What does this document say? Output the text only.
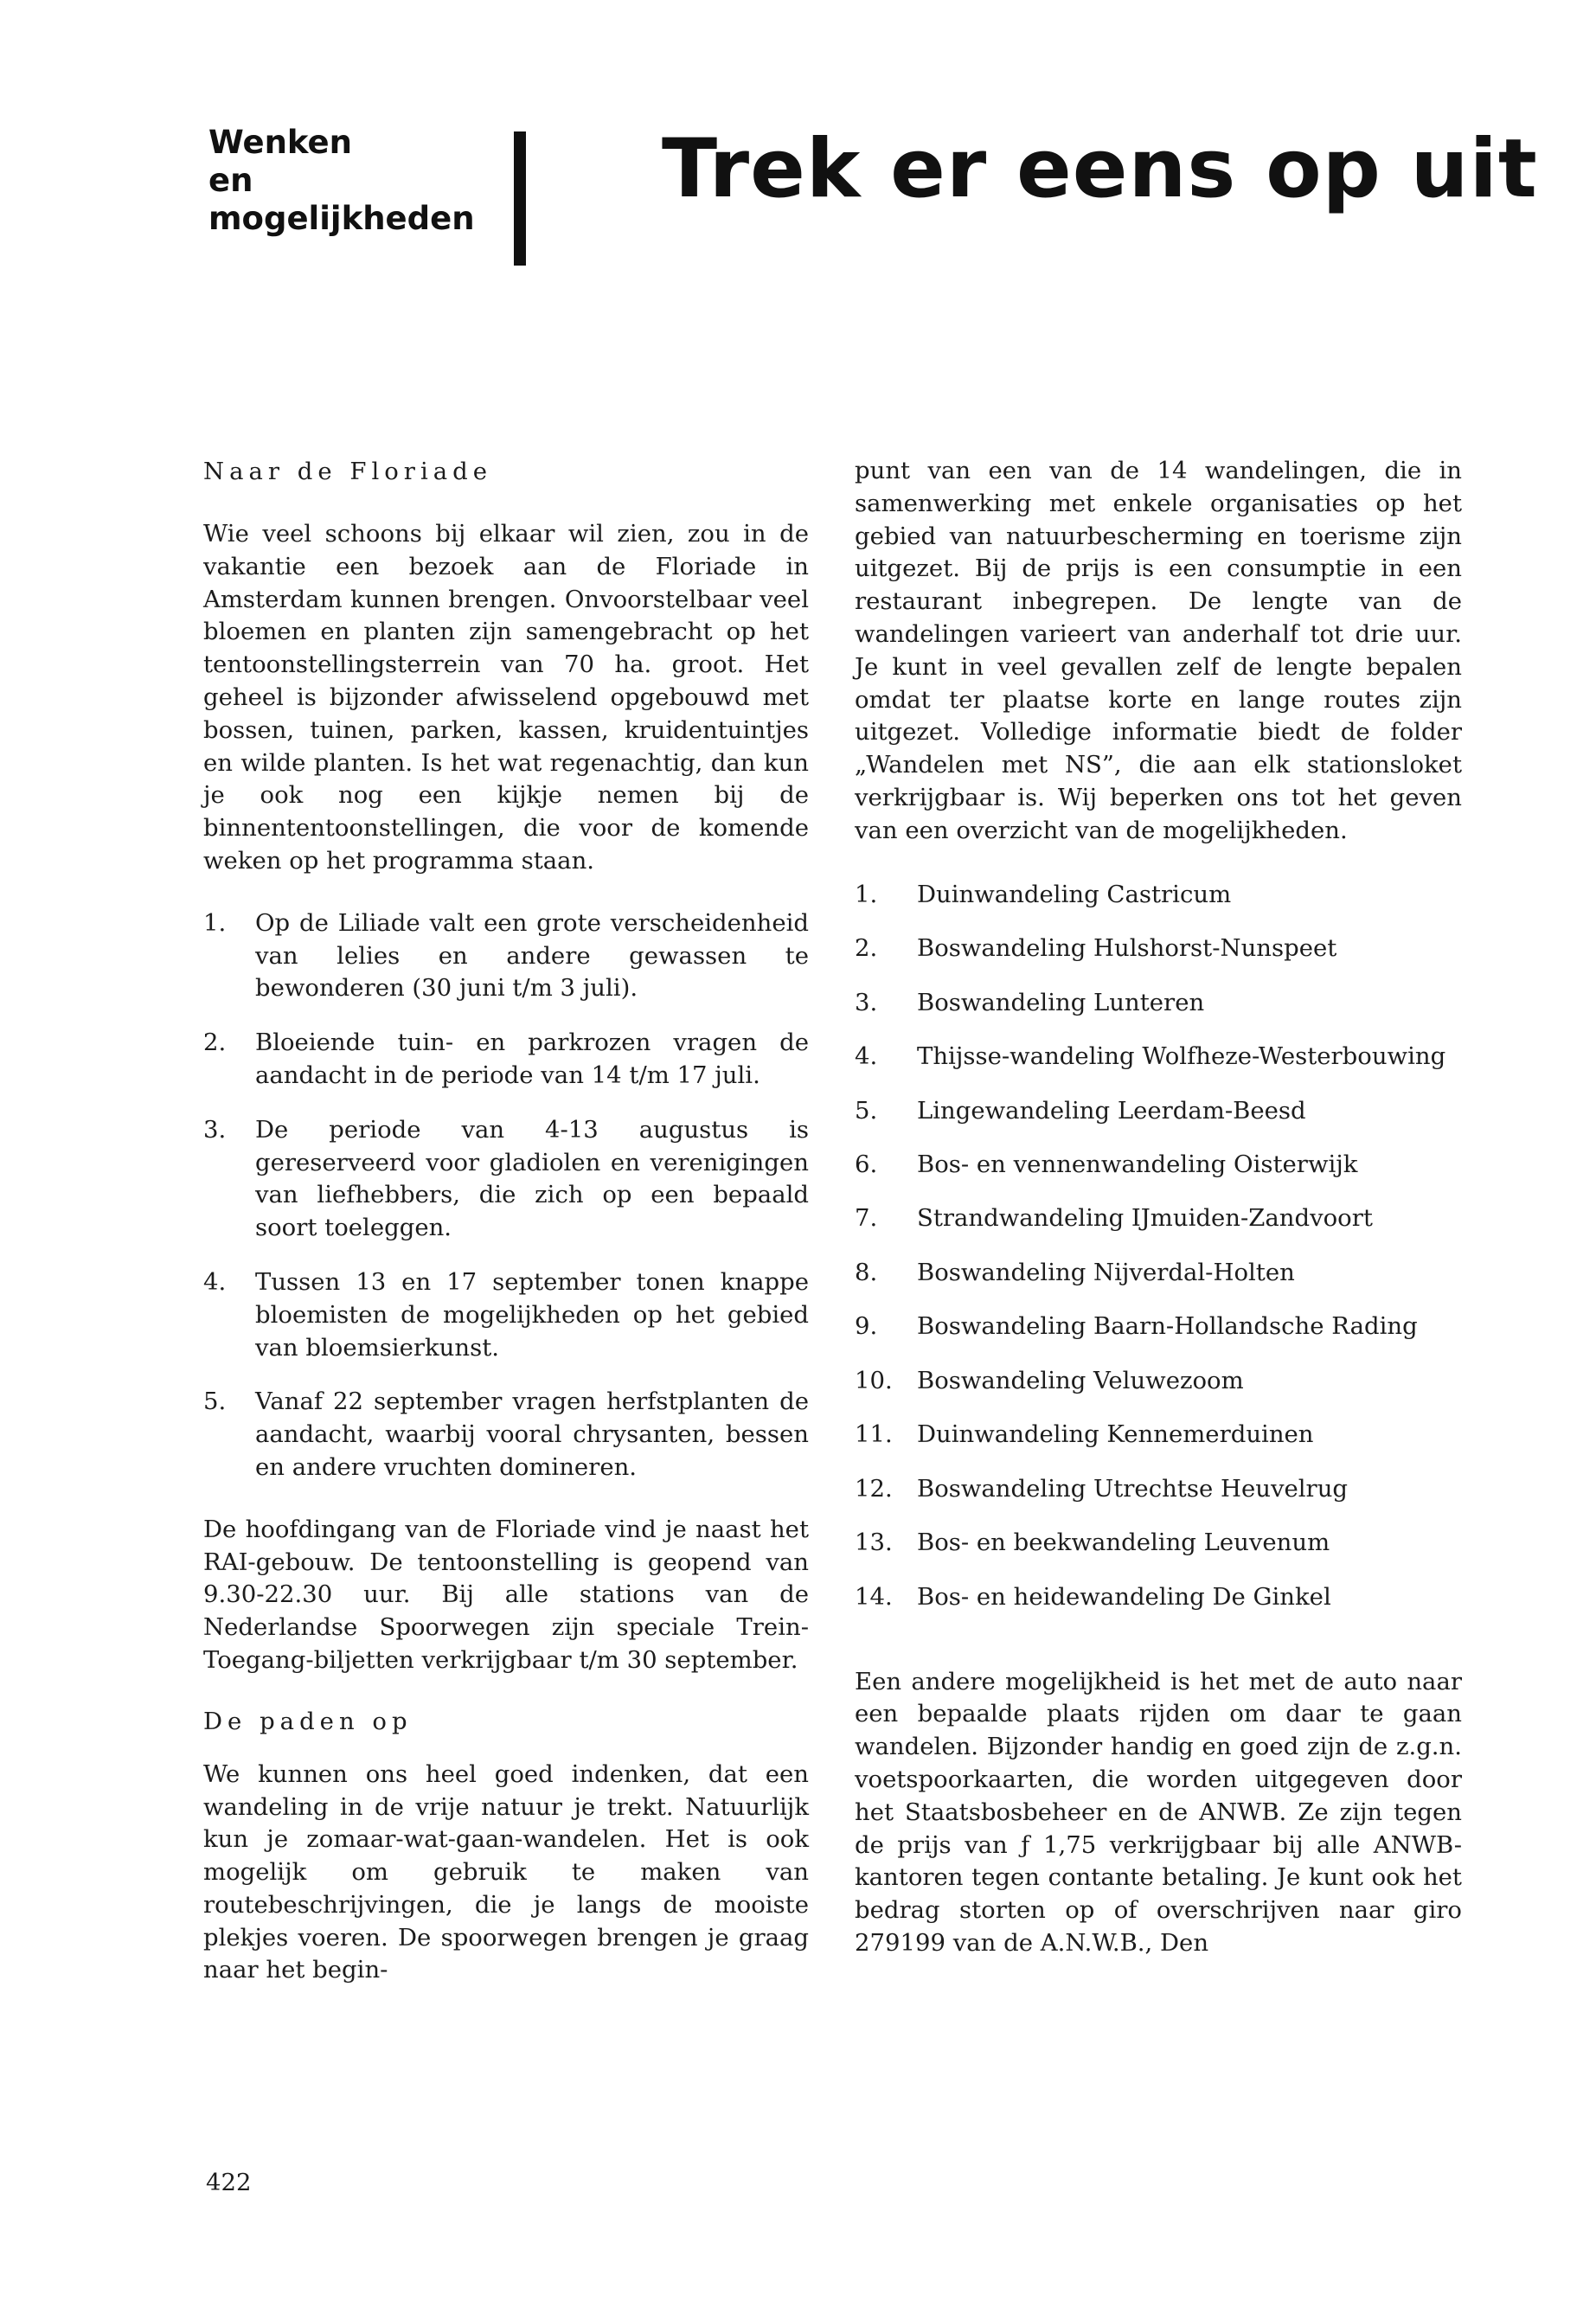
Wenken
en
mogelijkheden
Trek er eens op uit

Naar de Floriade

Wie veel schoons bij elkaar wil zien, zou in de vakantie een bezoek aan de Floriade in Amsterdam kunnen brengen. Onvoorstelbaar veel bloemen en planten zijn samengebracht op het tentoonstellingsterrein van 70 ha. groot. Het geheel is bijzonder afwisselend opgebouwd met bossen, tuinen, parken, kassen, kruidentuintjes en wilde planten. Is het wat regenachtig, dan kun je ook nog een kijkje nemen bij de binnententoonstellingen, die voor de komende weken op het programma staan.

1. Op de Liliade valt een grote verscheidenheid van lelies en andere gewassen te bewonderen (30 juni t/m 3 juli).
2. Bloeiende tuin- en parkrozen vragen de aandacht in de periode van 14 t/m 17 juli.
3. De periode van 4-13 augustus is gereserveerd voor gladiolen en verenigingen van liefhebbers, die zich op een bepaald soort toeleggen.
4. Tussen 13 en 17 september tonen knappe bloemisten de mogelijkheden op het gebied van bloemsierkunst.
5. Vanaf 22 september vragen herfstplanten de aandacht, waarbij vooral chrysanten, bessen en andere vruchten domineren.

De hoofdingang van de Floriade vind je naast het RAI-gebouw. De tentoonstelling is geopend van 9.30-22.30 uur. Bij alle stations van de Nederlandse Spoorwegen zijn speciale Trein-Toegang-biljetten verkrijgbaar t/m 30 september.

De paden op

We kunnen ons heel goed indenken, dat een wandeling in de vrije natuur je trekt. Natuurlijk kun je zomaar-wat-gaan-wandelen. Het is ook mogelijk om gebruik te maken van routebeschrijvingen, die je langs de mooiste plekjes voeren. De spoorwegen brengen je graag naar het begin-

punt van een van de 14 wandelingen, die in samenwerking met enkele organisaties op het gebied van natuurbescherming en toerisme zijn uitgezet. Bij de prijs is een consumptie in een restaurant inbegrepen. De lengte van de wandelingen varieert van anderhalf tot drie uur. Je kunt in veel gevallen zelf de lengte bepalen omdat ter plaatse korte en lange routes zijn uitgezet. Volledige informatie biedt de folder „Wandelen met NS”, die aan elk stationsloket verkrijgbaar is. Wij beperken ons tot het geven van een overzicht van de mogelijkheden.

1. Duinwandeling Castricum
2. Boswandeling Hulshorst-Nunspeet
3. Boswandeling Lunteren
4. Thijsse-wandeling Wolfheze-Westerbouwing
5. Lingewandeling Leerdam-Beesd
6. Bos- en vennenwandeling Oisterwijk
7. Strandwandeling IJmuiden-Zandvoort
8. Boswandeling Nijverdal-Holten
9. Boswandeling Baarn-Hollandsche Rading
10. Boswandeling Veluwezoom
11. Duinwandeling Kennemerduinen
12. Boswandeling Utrechtse Heuvelrug
13. Bos- en beekwandeling Leuvenum
14. Bos- en heidewandeling De Ginkel

Een andere mogelijkheid is het met de auto naar een bepaalde plaats rijden om daar te gaan wandelen. Bijzonder handig en goed zijn de z.g.n. voetspoorkaarten, die worden uitgegeven door het Staatsbosbeheer en de ANWB. Ze zijn tegen de prijs van ƒ 1,75 verkrijgbaar bij alle ANWB-kantoren tegen contante betaling. Je kunt ook het bedrag storten op of overschrijven naar giro 279199 van de A.N.W.B., Den

422
